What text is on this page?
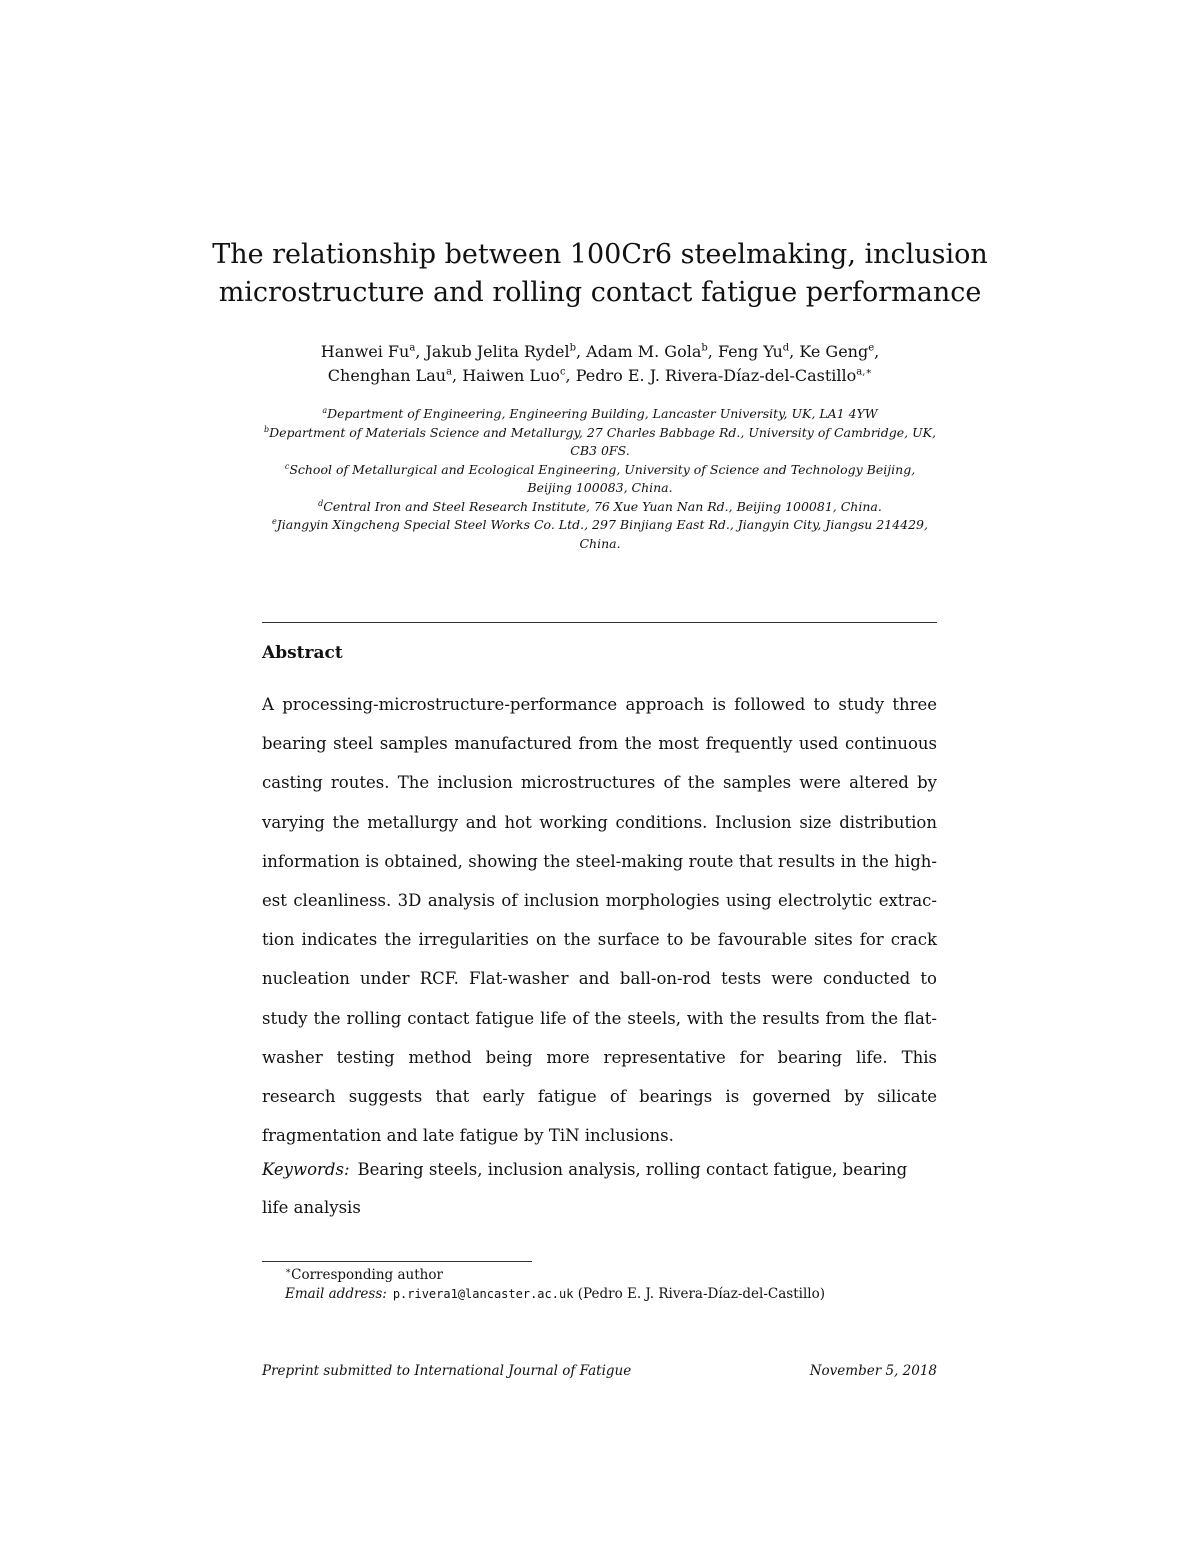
The relationship between 100Cr6 steelmaking, inclusion
microstructure and rolling contact fatigue performance
Hanwei Fu$^a$, Jakub Jelita Rydel$^b$, Adam M. Gola$^b$, Feng Yu$^d$, Ke Geng$^e$,
Chenghan Lau$^a$, Haiwen Luo$^c$, Pedro E. J. Rivera-Díaz-del-Castillo$^{a,∗}$
$^a$Department of Engineering, Engineering Building, Lancaster University, UK, LA1 4YW
$^b$Department of Materials Science and Metallurgy, 27 Charles Babbage Rd., University of Cambridge, UK, CB3 0FS.
$^c$School of Metallurgical and Ecological Engineering, University of Science and Technology Beijing, Beijing 100083, China.
$^d$Central Iron and Steel Research Institute, 76 Xue Yuan Nan Rd., Beijing 100081, China.
$^e$Jiangyin Xingcheng Special Steel Works Co. Ltd., 297 Binjiang East Rd., Jiangyin City, Jiangsu 214429, China.
Abstract

A processing-microstructure-performance approach is followed to study three bearing steel samples manufactured from the most frequently used continuous casting routes. The inclusion microstructures of the samples were altered by varying the metallurgy and hot working conditions. Inclusion size distribution information is obtained, showing the steel-making route that results in the highest cleanliness. 3D analysis of inclusion morphologies using electrolytic extraction indicates the irregularities on the surface to be favourable sites for crack nucleation under RCF. Flat-washer and ball-on-rod tests were conducted to study the rolling contact fatigue life of the steels, with the results from the flatwasher testing method being more representative for bearing life. This research suggests that early fatigue of bearings is governed by silicate fragmentation and late fatigue by TiN inclusions.

Keywords: Bearing steels, inclusion analysis, rolling contact fatigue, bearing life analysis

∗Corresponding author
Email address: p.rivera1@lancaster.ac.uk (Pedro E. J. Rivera-Díaz-del-Castillo)
Preprint submitted to International Journal of Fatigue	November 5, 2018
